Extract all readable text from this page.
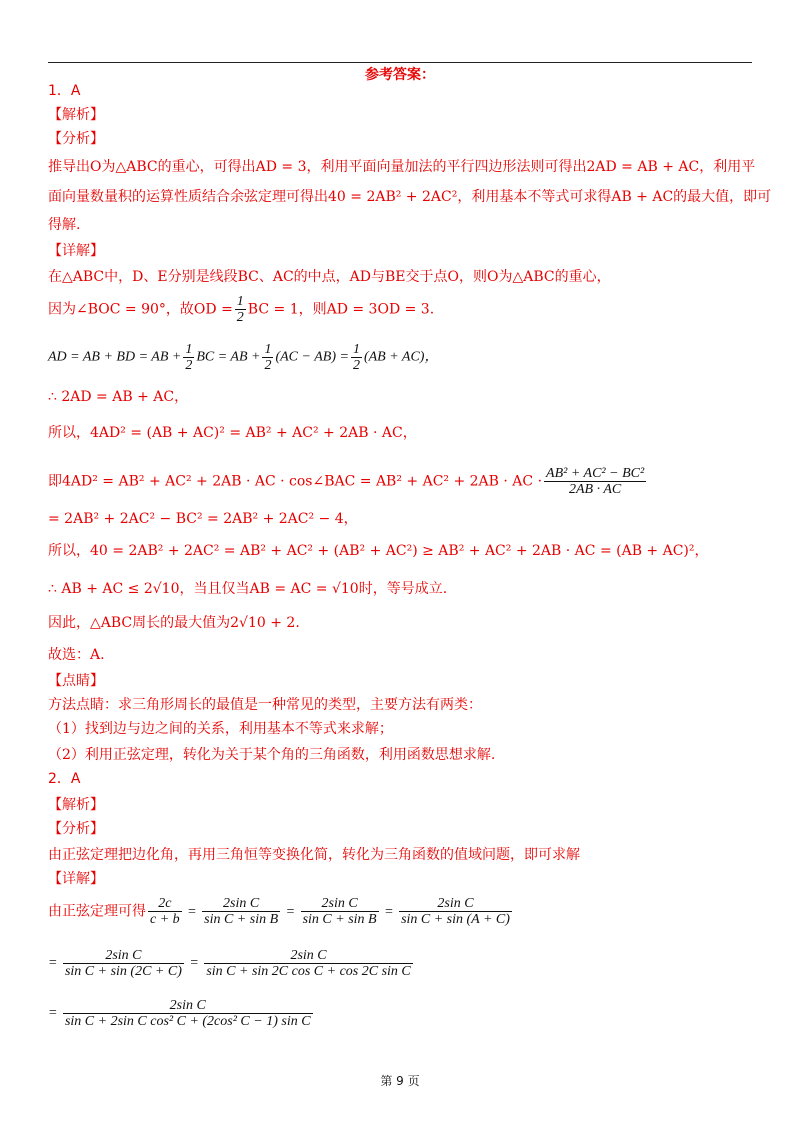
参考答案：
1．A
【解析】
【分析】
推导出O为△ABC的重心，可得出AD = 3，利用平面向量加法的平行四边形法则可得出2AD = AB + AC，利用平
面向量数量积的运算性质结合余弦定理可得出40 = 2AB² + 2AC²，利用基本不等式可求得AB + AC的最大值，即可
得解.
【详解】
在△ABC中，D、E分别是线段BC、AC的中点，AD与BE交于点O，则O为△ABC的重心，
因为∠BOC = 90°，故OD = $\frac{1}{2}$ BC = 1，则AD = 3OD = 3.
AD = AB + BD = AB + $\frac{1}{2}$ BC = AB + $\frac{1}{2} (AC - AB) = \frac{1}{2} (AB + AC)$，
∴ 2AD = AB + AC，
所以，4AD² = (AB + AC)² = AB² + AC² + 2AB · AC，
即4AD² = AB² + AC² + 2AB · AC · cos∠BAC = AB² + AC² + 2AB · AC · $\frac{\text{AB² + AC² − BC²}}{2AB \cdot AC}$
= 2AB² + 2AC² − BC² = 2AB² + 2AC² − 4，
所以，40 = 2AB² + 2AC² = AB² + AC² + (AB² + AC²) ≥ AB² + AC² + 2AB · AC = (AB + AC)²，
∴ AB + AC ≤ 2√10，当且仅当AB = AC = √10时，等号成立.
因此，△ABC周长的最大值为2√10 + 2.
故选：A.
【点睛】
方法点睛：求三角形周长的最值是一种常见的类型，主要方法有两类：
（1）找到边与边之间的关系，利用基本不等式来求解；
（2）利用正弦定理，转化为关于某个角的三角函数，利用函数思想求解.
2．A
【解析】
【分析】
由正弦定理把边化角，再用三角恒等变换化简，转化为三角函数的值域问题，即可求解
【详解】
由正弦定理可得 $\frac{2c}{c + b} = \frac{\text{2sin C}}{\text{sin C + sin B}} = \frac{\text{2sin C}}{\text{sin C + sin B}} = \frac{\text{2sin C}}{\text{sin C + sin (A + C)}}$
= $\frac{\text{2sin C}}{\text{sin C + sin (2C + C)}} = \frac{\text{2sin C}}{\text{sin C + sin 2C cos C + cos 2C sin C}}$
= $\frac{\text{2sin C}}{\text{sin C + 2sin C cos² C + (2cos² C − 1) sin C}}$
第 9 页
